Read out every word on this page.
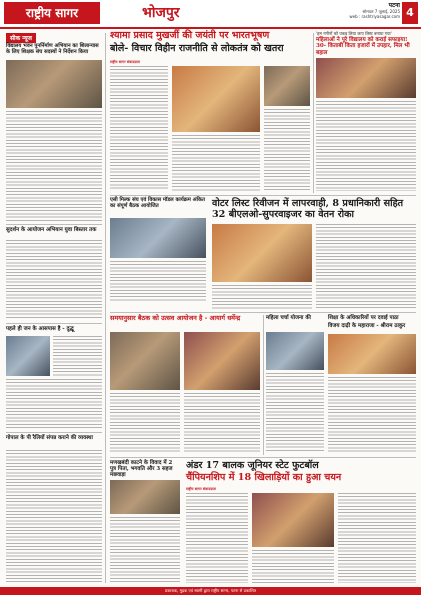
राष्ट्रीय सागर	भोजपुर	पटना
सोमवार 7 जुलाई, 2025
web : rashtriyasagar.com 4
सीक न्यूज
विद्यालय भवन पुनर्निर्माण अभियान का शिलान्यास के लिए शिक्षक संघ सदस्यों ने निर्देशन किया
सुदर्शन के आयोजन अभियान युवा बिस्तार तक
पहले ही जन के आसपास है - दुद्धू
गोपाल के पी रैलियों संपन्न कराने की व्यवस्था
श्यामा प्रसाद मुखर्जी की जयंती पर भारतभूषण
बोले- विचार विहीन राजनीति से लोकतंत्र को खतरा
राष्ट्रीय सागर संवाददाता
'हम नगीनों को पकड़ लिया जाए लिस्ट बनाया गया'
महिलाओं ने पूरे विद्यालय को कराई सफाइया! 30- किताबी किता हजारों में उपहार, मिल भी बहाल
एसी मिल्क संघ एवं विकास मॉडल कार्यक्रम अंकित का संपूर्ण बैठक आयोजित	वोटर लिस्ट रिवीजन में लापरवाही, 8 प्रधानिकारी सहित 32 बीएलओ-सुपरवाइजर का वेतन रोका
समयानुसार बैठक को उत्सव आयोजन है - आयार्ग धर्मेन्द्र	महिला चर्चा योजना की	शिक्षा के अधिकारियों पर दवाई पाठा
विजय दाढ़ी के महाराजा - श्रीराम ठाकुर
मणखबंदी काटने के विवाद में 2 पुत्र पिता, भगवति और 3 सहज मछवाड़ा
अंडर 17 बालक जूनियर स्टेट फुटबॉल
चैंपियनशिप में 18 खिलाड़ियों का हुआ चयन
राष्ट्रीय सागर संवाददाता
प्रकाशक, मुद्रक एवं स्वामी द्वारा राष्ट्रीय सागर, पटना से प्रकाशित
